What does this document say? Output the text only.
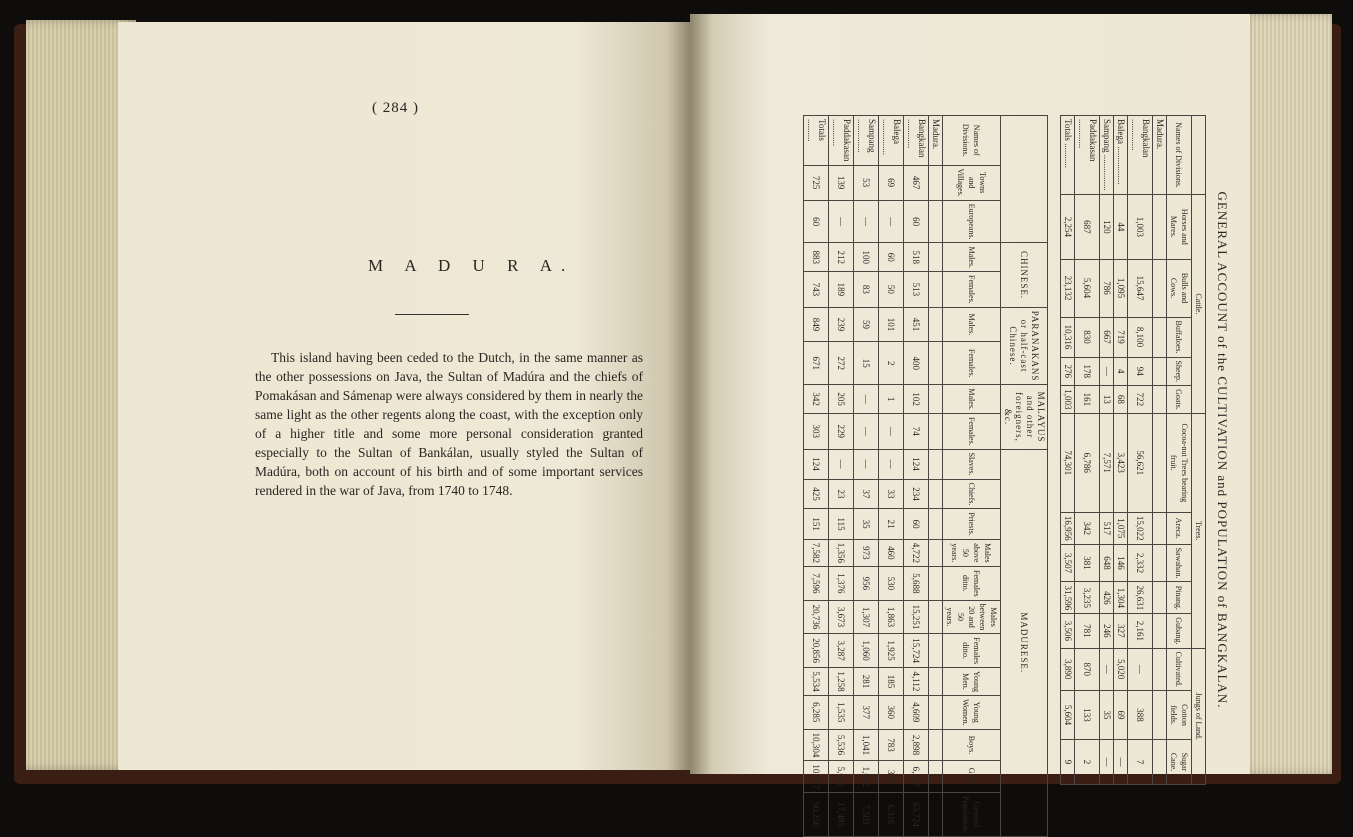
( 284 )
M A D U R A.

This island having been ceded to the Dutch, in the same manner as the other possessions on Java, the Sultan of Madúra and the chiefs of Pomakásan and Sámenap were always considered by them in nearly the same light as the other regents along the coast, with the exception only of a higher title and some more personal consideration granted especially to the Sultan of Bankálan, usually styled the Sultan of Madúra, both on account of his birth and of some important services rendered in the war of Java, from 1740 to 1748.	GENERAL ACCOUNT of the CULTIVATION and POPULATION of BANGKALAN.
	Cattle.					Trees.					Jungs of Land.		
Names of Divisions.	Horses and Mares.	Bulls and Cows.	Buffaloes.	Sheep.	Goats.	Cocoa-nut Trees bearing fruit.	Areca.	Sawahan.	Pinang.	Gubang.	Cultivated.	Cotton fields.	Sugar Cane.
Madura.													
Bangkalan ..............	1,003	15,647	8,100	94	722	56,621	15,022	2,332	26,631	2,161	—	388	7
Balega .................	44	1,095	719	4	68	3,423	1,075	146	1,304	327	5,020	69	—
Sampang ................	120	786	667	—	13	7,571	517	648	426	246	—	35	—
Paddakasan .............	687	5,604	830	178	161	6,786	342	381	3,235	781	870	133	2
Totals ...........	2,254	23,132	10,316	276	1,003	74,301	16,956	3,507	31,596	3,506	3,890	5,604	9
			CHINESE.		PARANAKANS or half-cast Chinese.		MALAYUS and other foreigners, &c.		MADURESE.											
Names of Divisions.	Towns and Villages.	Europeans.	Males.	Females.	Males.	Females.	Males.	Females.	Slaves.	Chiefs.	Priests.	Males above 50 years.	Females ditto.	Males between 20 and 50 years.	Females ditto.	Young Men.	Young Women.	Boys.	Girls.	General Population.
Madura.																				
Bangkalan .............	467	60	518	513	451	400	102	74	124	234	60	4,722	5,688	15,251	15,724	4,112	4,609	2,898	6,247	63,724
Balega ................	69	—	60	50	101	2	1	—	—	33	21	460	530	1,863	1,925	185	360	783	356	6,316
Sampang ...............	53	—	100	83	59	15	—	—	—	37	35	973	956	1,307	1,060	281	377	1,041	1,062	7,503
Paddakasan ............	139	—	212	189	239	272	205	229	—	23	115	1,356	1,376	3,673	3,287	1,258	1,535	5,536	5,012	17,485
Totals ..........	725	60	883	743	849	671	342	303	124	425	151	7,582	7,596	20,736	20,856	5,534	6,285	10,304	10,317	90,256
